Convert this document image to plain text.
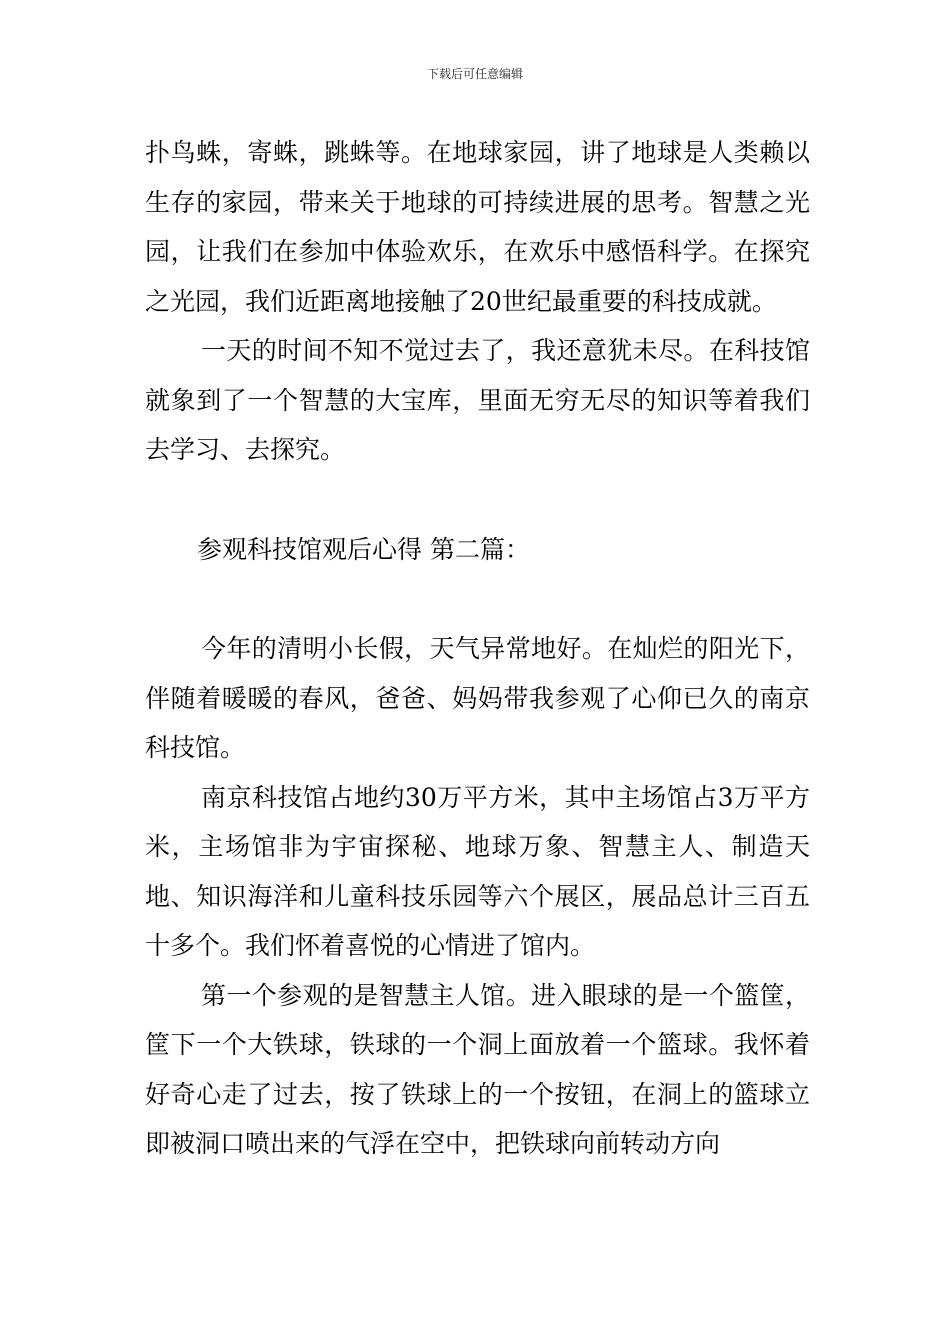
下载后可任意编辑

扑鸟蛛，寄蛛，跳蛛等。在地球家园，讲了地球是人类赖以生存的家园，带来关于地球的可持续进展的思考。智慧之光园，让我们在参加中体验欢乐，在欢乐中感悟科学。在探究之光园，我们近距离地接触了20世纪最重要的科技成就。

一天的时间不知不觉过去了，我还意犹未尽。在科技馆就象到了一个智慧的大宝库，里面无穷无尽的知识等着我们去学习、去探究。

参观科技馆观后心得 第二篇：

今年的清明小长假，天气异常地好。在灿烂的阳光下，伴随着暖暖的春风，爸爸、妈妈带我参观了心仰已久的南京科技馆。

南京科技馆占地约30万平方米，其中主场馆占3万平方米，主场馆非为宇宙探秘、地球万象、智慧主人、制造天地、知识海洋和儿童科技乐园等六个展区，展品总计三百五十多个。我们怀着喜悦的心情进了馆内。

第一个参观的是智慧主人馆。进入眼球的是一个篮筐，筐下一个大铁球，铁球的一个洞上面放着一个篮球。我怀着好奇心走了过去，按了铁球上的一个按钮，在洞上的篮球立即被洞口喷出来的气浮在空中，把铁球向前转动方向
